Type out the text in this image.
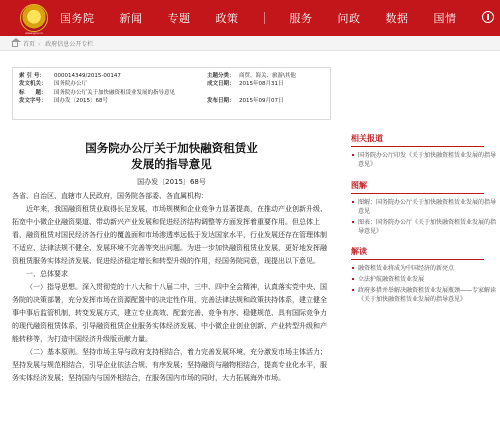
www.gov.cn
国务院 新闻 专题 政策	服务 问政 数据 国情
首页 › 政府信息公开专栏
索 引 号： 000014349/2015-00147	主题分类： 商贸、海关、旅游\其他
发文机关： 国务院办公厅	成文日期： 2015年08月31日
标　　题： 国务院办公厅关于加快融资租赁业发展的指导意见
发文字号： 国办发〔2015〕68号	发布日期： 2015年09月07日
国务院办公厅关于加快融资租赁业
发展的指导意见
国办发〔2015〕68号

各省、自治区、直辖市人民政府，国务院各部委、各直属机构：

近年来，我国融资租赁业取得长足发展，市场规模和企业竞争力显著提高，在推动产业创新升级、拓宽中小微企业融资渠道、带动新兴产业发展和促进经济结构调整等方面发挥着重要作用。但总体上看，融资租赁对国民经济各行业的覆盖面和市场渗透率远低于发达国家水平，行业发展还存在管理体制不适应、法律法规不健全、发展环境不完善等突出问题。为进一步加快融资租赁业发展，更好地发挥融资租赁服务实体经济发展、促进经济稳定增长和转型升级的作用，经国务院同意，现提出以下意见。

一、总体要求

（一）指导思想。深入贯彻党的十八大和十八届二中、三中、四中全会精神，认真落实党中央、国务院的决策部署，充分发挥市场在资源配置中的决定性作用，完善法律法规和政策扶持体系，建立健全事中事后监管机制，转变发展方式，建立专业高效、配套完善、竞争有序、稳健规范、具有国际竞争力的现代融资租赁体系，引导融资租赁企业服务实体经济发展、中小微企业创业创新、产业转型升级和产能转移等，为打造中国经济升级版贡献力量。

（二）基本原则。坚持市场主导与政府支持相结合，着力完善发展环境，充分激发市场主体活力；坚持发展与规范相结合，引导企业依法合规、有序发展；坚持融资与融物相结合，提高专业化水平，服务实体经济发展；坚持国内与国外相结合，在服务国内市场的同时，大力拓展海外市场。

相关报道
国务院办公厅印发《关于加快融资租赁业发展的指导意见》
图解
图解：国务院办公厅关于加快融资租赁业发展的指导意见
图表：国务院办公厅《关于加快融资租赁业发展的指导意见》
解读
融资租赁业将成为中国经济的新亮点
立法护航融资租赁业发展
政府多措并举解决融资租赁业发展瓶颈——专家解读《关于加快融资租赁业发展的指导意见》
